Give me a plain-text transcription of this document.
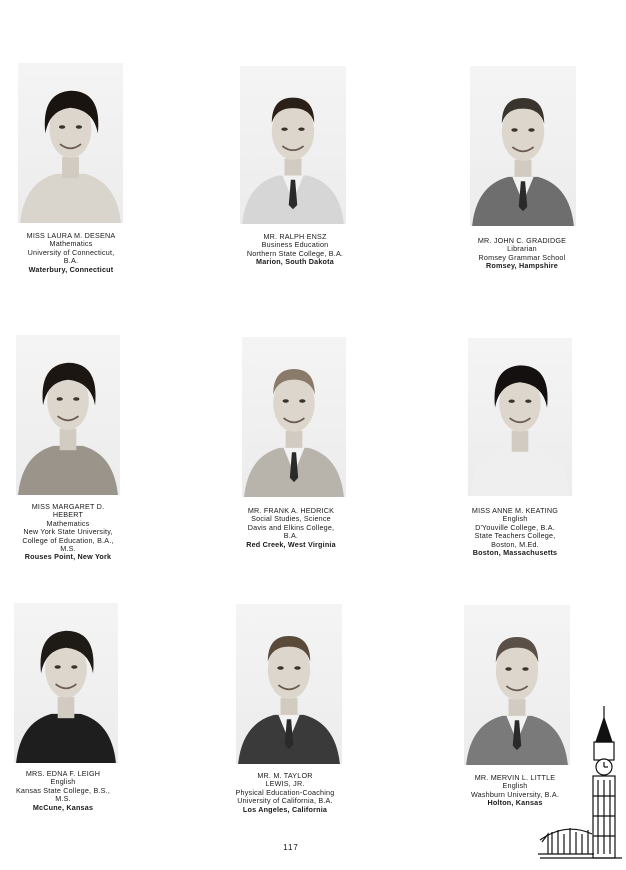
MISS LAURA M. DESENA
Mathematics
University of Connecticut,
B.A.
Waterbury, Connecticut
MR. RALPH ENSZ
Business Education
Northern State College, B.A.
Marion, South Dakota
MR. JOHN C. GRADIDGE
Librarian
Romsey Grammar School
Romsey, Hampshire
MISS MARGARET D.
HEBERT
Mathematics
New York State University,
College of Education, B.A.,
M.S.
Rouses Point, New York
MR. FRANK A. HEDRICK
Social Studies, Science
Davis and Elkins College,
B.A.
Red Creek, West Virginia
MISS ANNE M. KEATING
English
D'Youville College, B.A.
State Teachers College,
Boston, M.Ed.
Boston, Massachusetts
MRS. EDNA F. LEIGH
English
Kansas State College, B.S.,
M.S.
McCune, Kansas
MR. M. TAYLOR
LEWIS, JR.
Physical Education-Coaching
University of California, B.A.
Los Angeles, California
MR. MERVIN L. LITTLE
English
Washburn University, B.A.
Holton, Kansas
117
